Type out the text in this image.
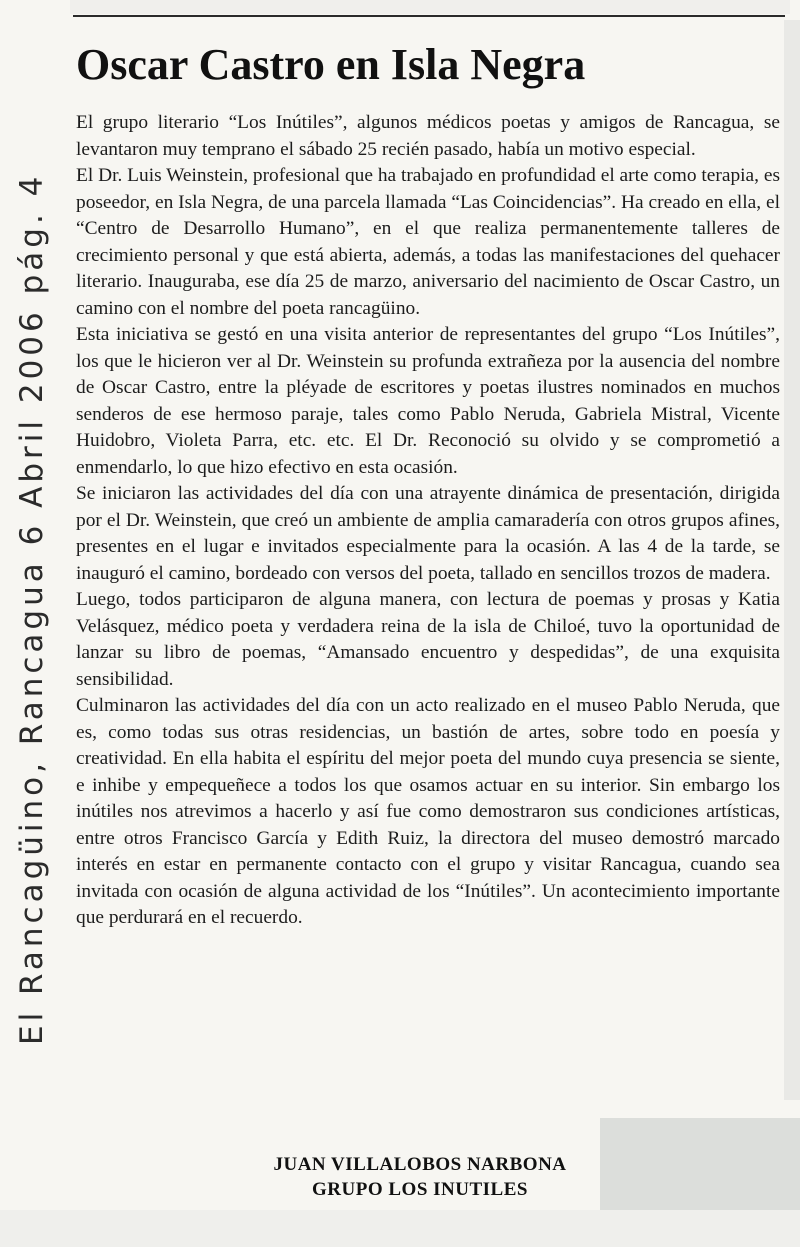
El Rancagüino, Rancagua 6 Abril 2006 pág. 4
Oscar Castro en Isla Negra

El grupo literario “Los Inútiles”, algunos médicos poetas y amigos de Rancagua, se levantaron muy temprano el sábado 25 recién pasado, había un motivo especial.

El Dr. Luis Weinstein, profesional que ha trabajado en profundidad el arte como terapia, es poseedor, en Isla Negra, de una parcela llamada “Las Coincidencias”. Ha creado en ella, el “Centro de Desarrollo Humano”, en el que realiza permanentemente talleres de crecimiento personal y que está abierta, además, a todas las manifestaciones del quehacer literario. Inauguraba, ese día 25 de marzo, aniversario del nacimiento de Oscar Castro, un camino con el nombre del poeta rancagüino.

Esta iniciativa se gestó en una visita anterior de representantes del grupo “Los Inútiles”, los que le hicieron ver al Dr. Weinstein su profunda extrañeza por la ausencia del nombre de Oscar Castro, entre la pléyade de escritores y poetas ilustres nominados en muchos senderos de ese hermoso paraje, tales como Pablo Neruda, Gabriela Mistral, Vicente Huidobro, Violeta Parra, etc. etc. El Dr. Reconoció su olvido y se comprometió a enmendarlo, lo que hizo efectivo en esta ocasión.

Se iniciaron las actividades del día con una atrayente dinámica de presentación, dirigida por el Dr. Weinstein, que creó un ambiente de amplia camaradería con otros grupos afines, presentes en el lugar e invitados especialmente para la ocasión. A las 4 de la tarde, se inauguró el camino, bordeado con versos del poeta, tallado en sencillos trozos de madera.

Luego, todos participaron de alguna manera, con lectura de poemas y prosas y Katia Velásquez, médico poeta y verdadera reina de la isla de Chiloé, tuvo la oportunidad de lanzar su libro de poemas, “Amansado encuentro y despedidas”, de una exquisita sensibilidad.

Culminaron las actividades del día con un acto realizado en el museo Pablo Neruda, que es, como todas sus otras residencias, un bastión de artes, sobre todo en poesía y creatividad. En ella habita el espíritu del mejor poeta del mundo cuya presencia se siente, e inhibe y empequeñece a todos los que osamos actuar en su interior. Sin embargo los inútiles nos atrevimos a hacerlo y así fue como demostraron sus condiciones artísticas, entre otros Francisco García y Edith Ruiz, la directora del museo demostró marcado interés en estar en permanente contacto con el grupo y visitar Rancagua, cuando sea invitada con ocasión de alguna actividad de los “Inútiles”. Un acontecimiento importante que perdurará en el recuerdo.

JUAN VILLALOBOS NARBONA
GRUPO LOS INUTILES
